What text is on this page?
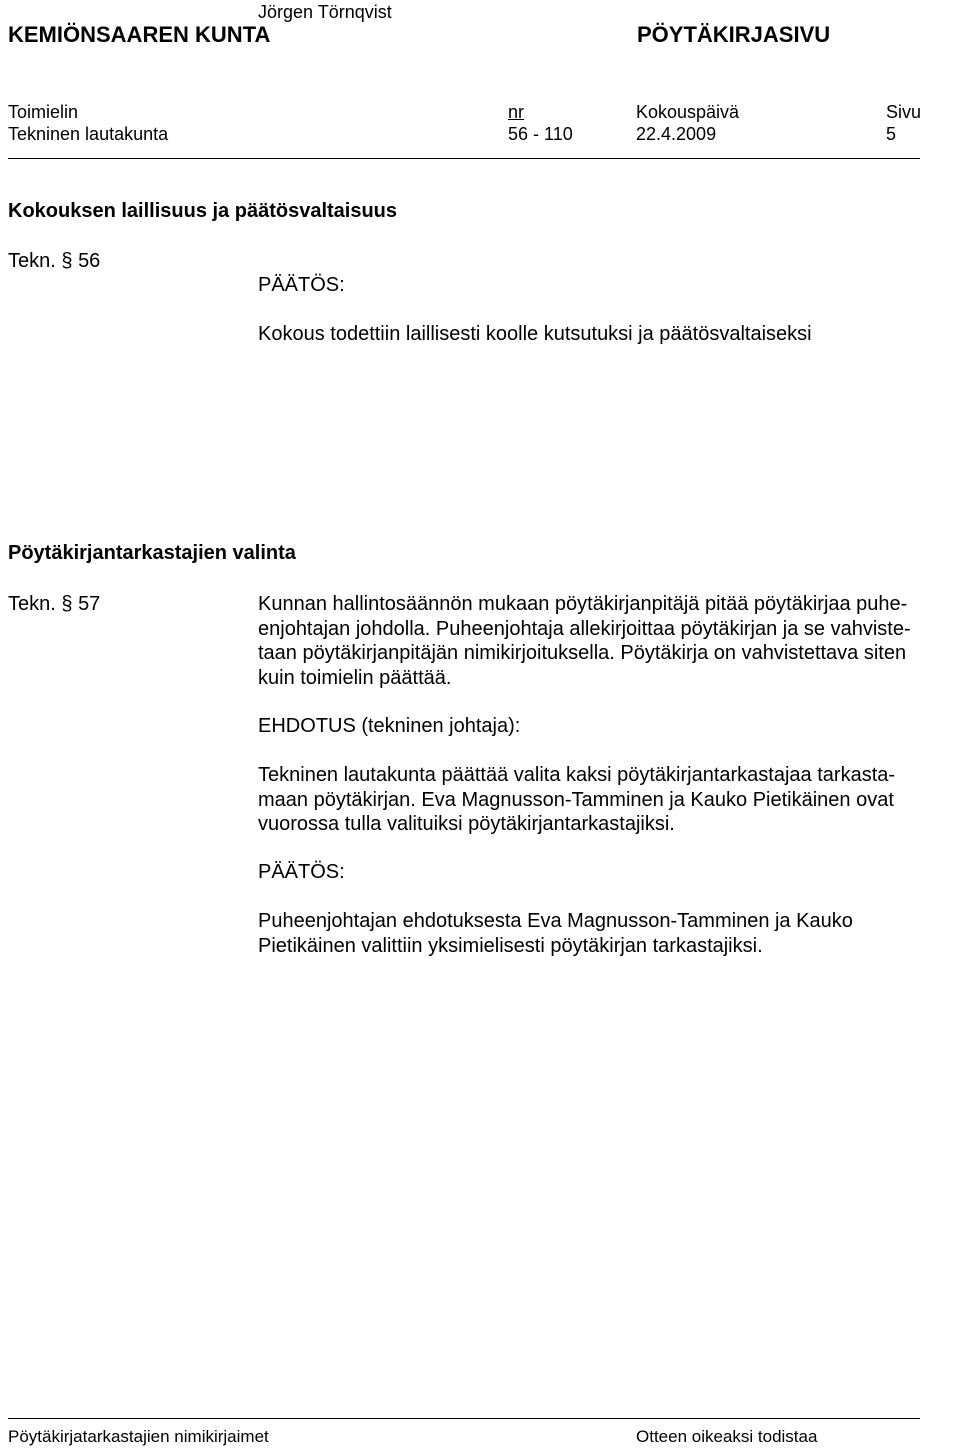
Jörgen Törnqvist
KEMIÖNSAAREN KUNTA	PÖYTÄKIRJASIVU
Toimielin	nr	Kokouspäivä	Sivu
Tekninen lautakunta	56 - 110	22.4.2009	5
Kokouksen laillisuus ja päätösvaltaisuus
Tekn. § 56
PÄÄTÖS:
Kokous todettiin laillisesti koolle kutsutuksi ja päätösvaltaiseksi
Pöytäkirjantarkastajien valinta
Tekn. § 57	Kunnan hallintosäännön mukaan pöytäkirjanpitäjä pitää pöytäkirjaa puhe-
enjohtajan johdolla. Puheenjohtaja allekirjoittaa pöytäkirjan ja se vahviste-
taan pöytäkirjanpitäjän nimikirjoituksella. Pöytäkirja on vahvistettava siten
kuin toimielin päättää.
EHDOTUS (tekninen johtaja):
Tekninen lautakunta päättää valita kaksi pöytäkirjantarkastajaa tarkasta-
maan pöytäkirjan. Eva Magnusson-Tamminen ja Kauko Pietikäinen ovat
vuorossa tulla valituiksi pöytäkirjantarkastajiksi.
PÄÄTÖS:
Puheenjohtajan ehdotuksesta Eva Magnusson-Tamminen ja Kauko
Pietikäinen valittiin yksimielisesti pöytäkirjan tarkastajiksi.
Pöytäkirjatarkastajien nimikirjaimet	Otteen oikeaksi todistaa
